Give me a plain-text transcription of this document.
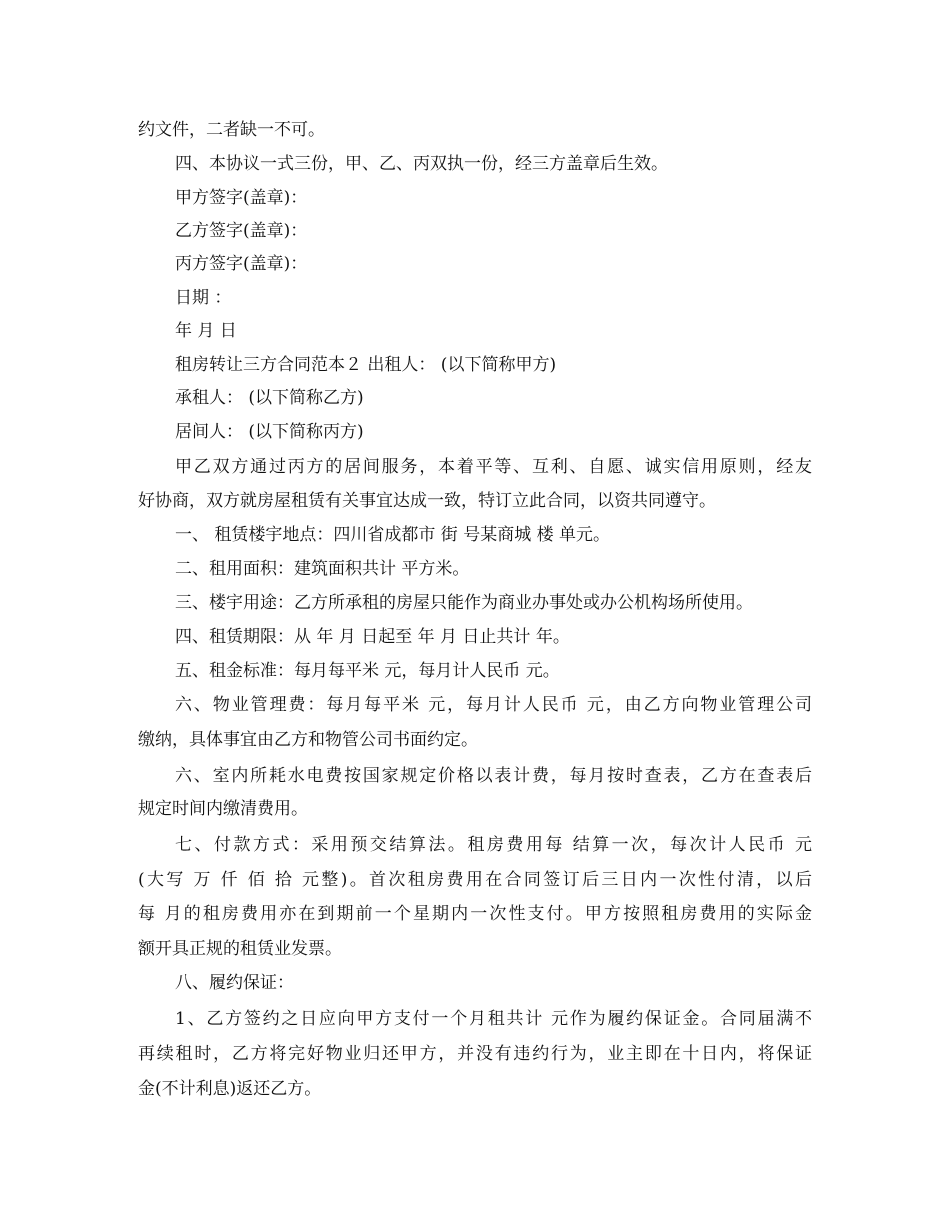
约文件，二者缺一不可。
四、本协议一式三份，甲、乙、丙双执一份，经三方盖章后生效。
甲方签字(盖章)：
乙方签字(盖章)：
丙方签字(盖章)：
日期 ：
年 月 日
租房转让三方合同范本２ 出租人： (以下简称甲方)
承租人： (以下简称乙方)
居间人： (以下简称丙方)
甲乙双方通过丙方的居间服务，本着平等、互利、自愿、诚实信用原则，经友
好协商，双方就房屋租赁有关事宜达成一致，特订立此合同，以资共同遵守。
一、 租赁楼宇地点：四川省成都市 街 号某商城 楼 单元。
二、租用面积：建筑面积共计 平方米。
三、楼宇用途：乙方所承租的房屋只能作为商业办事处或办公机构场所使用。
四、租赁期限：从 年 月 日起至 年 月 日止共计 年。
五、租金标准：每月每平米 元，每月计人民币 元。
六、物业管理费：每月每平米 元，每月计人民币 元，由乙方向物业管理公司
缴纳，具体事宜由乙方和物管公司书面约定。
六、室内所耗水电费按国家规定价格以表计费，每月按时查表，乙方在查表后
规定时间内缴清费用。
七、付款方式：采用预交结算法。租房费用每 结算一次，每次计人民币 元
(大写 万 仟 佰 拾 元整)。首次租房费用在合同签订后三日内一次性付清，以后
每 月的租房费用亦在到期前一个星期内一次性支付。甲方按照租房费用的实际金
额开具正规的租赁业发票。
八、履约保证：
1、乙方签约之日应向甲方支付一个月租共计 元作为履约保证金。合同届满不
再续租时，乙方将完好物业归还甲方，并没有违约行为，业主即在十日内，将保证
金(不计利息)返还乙方。
